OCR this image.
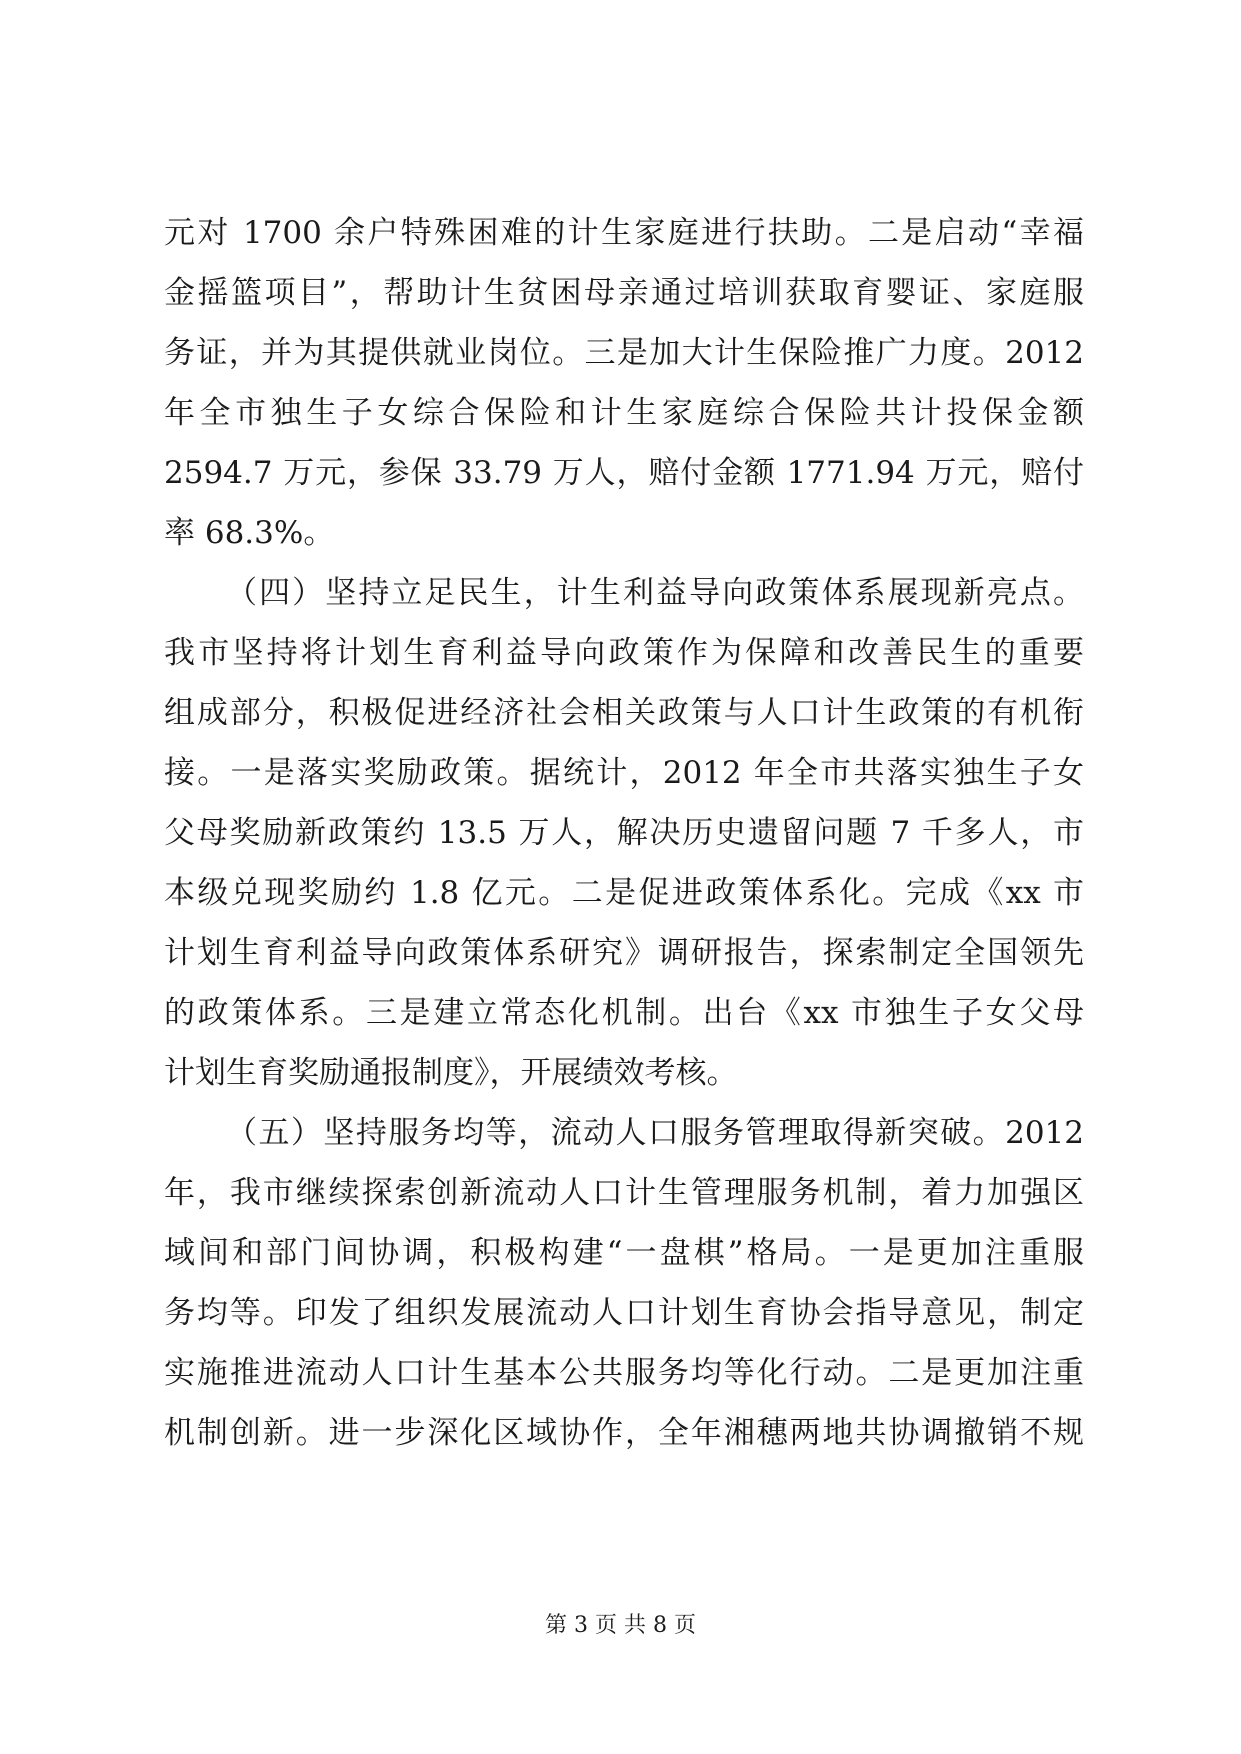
元对 1700 余户特殊困难的计生家庭进行扶助。二是启动“幸福
金摇篮项目”，帮助计生贫困母亲通过培训获取育婴证、家庭服
务证，并为其提供就业岗位。三是加大计生保险推广力度。2012
年全市独生子女综合保险和计生家庭综合保险共计投保金额
2594.7 万元，参保 33.79 万人，赔付金额 1771.94 万元，赔付
率 68.3%。
（四）坚持立足民生，计生利益导向政策体系展现新亮点。
我市坚持将计划生育利益导向政策作为保障和改善民生的重要
组成部分，积极促进经济社会相关政策与人口计生政策的有机衔
接。一是落实奖励政策。据统计，2012 年全市共落实独生子女
父母奖励新政策约 13.5 万人，解决历史遗留问题 7 千多人，市
本级兑现奖励约 1.8 亿元。二是促进政策体系化。完成《xx 市
计划生育利益导向政策体系研究》调研报告，探索制定全国领先
的政策体系。三是建立常态化机制。出台《xx 市独生子女父母
计划生育奖励通报制度》，开展绩效考核。
（五）坚持服务均等，流动人口服务管理取得新突破。2012
年，我市继续探索创新流动人口计生管理服务机制，着力加强区
域间和部门间协调，积极构建“一盘棋”格局。一是更加注重服
务均等。印发了组织发展流动人口计划生育协会指导意见，制定
实施推进流动人口计生基本公共服务均等化行动。二是更加注重
机制创新。进一步深化区域协作，全年湘穗两地共协调撤销不规
第 3 页 共 8 页
